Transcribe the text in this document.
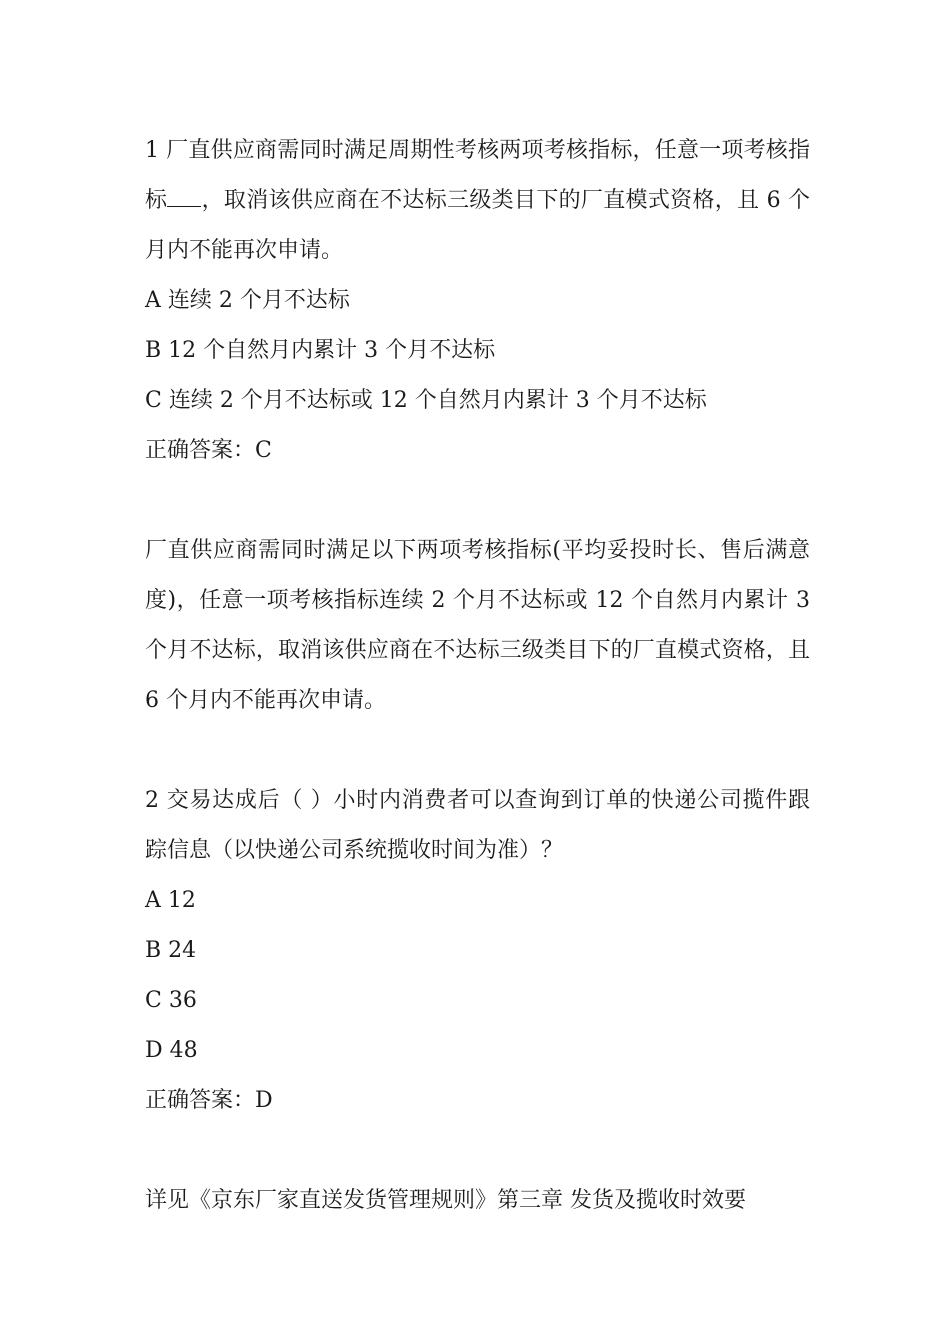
1 厂直供应商需同时满足周期性考核两项考核指标，任意一项考核指标 ，取消该供应商在不达标三级类目下的厂直模式资格，且 6 个月内不能再次申请。

A 连续 2 个月不达标

B 12 个自然月内累计 3 个月不达标

C 连续 2 个月不达标或 12 个自然月内累计 3 个月不达标

正确答案：C

厂直供应商需同时满足以下两项考核指标(平均妥投时长、售后满意度)，任意一项考核指标连续 2 个月不达标或 12 个自然月内累计 3 个月不达标，取消该供应商在不达标三级类目下的厂直模式资格，且 6 个月内不能再次申请。

2 交易达成后（ ）小时内消费者可以查询到订单的快递公司揽件跟踪信息（以快递公司系统揽收时间为准）？

A 12

B 24

C 36

D 48

正确答案：D

详见《京东厂家直送发货管理规则》第三章 发货及揽收时效要
